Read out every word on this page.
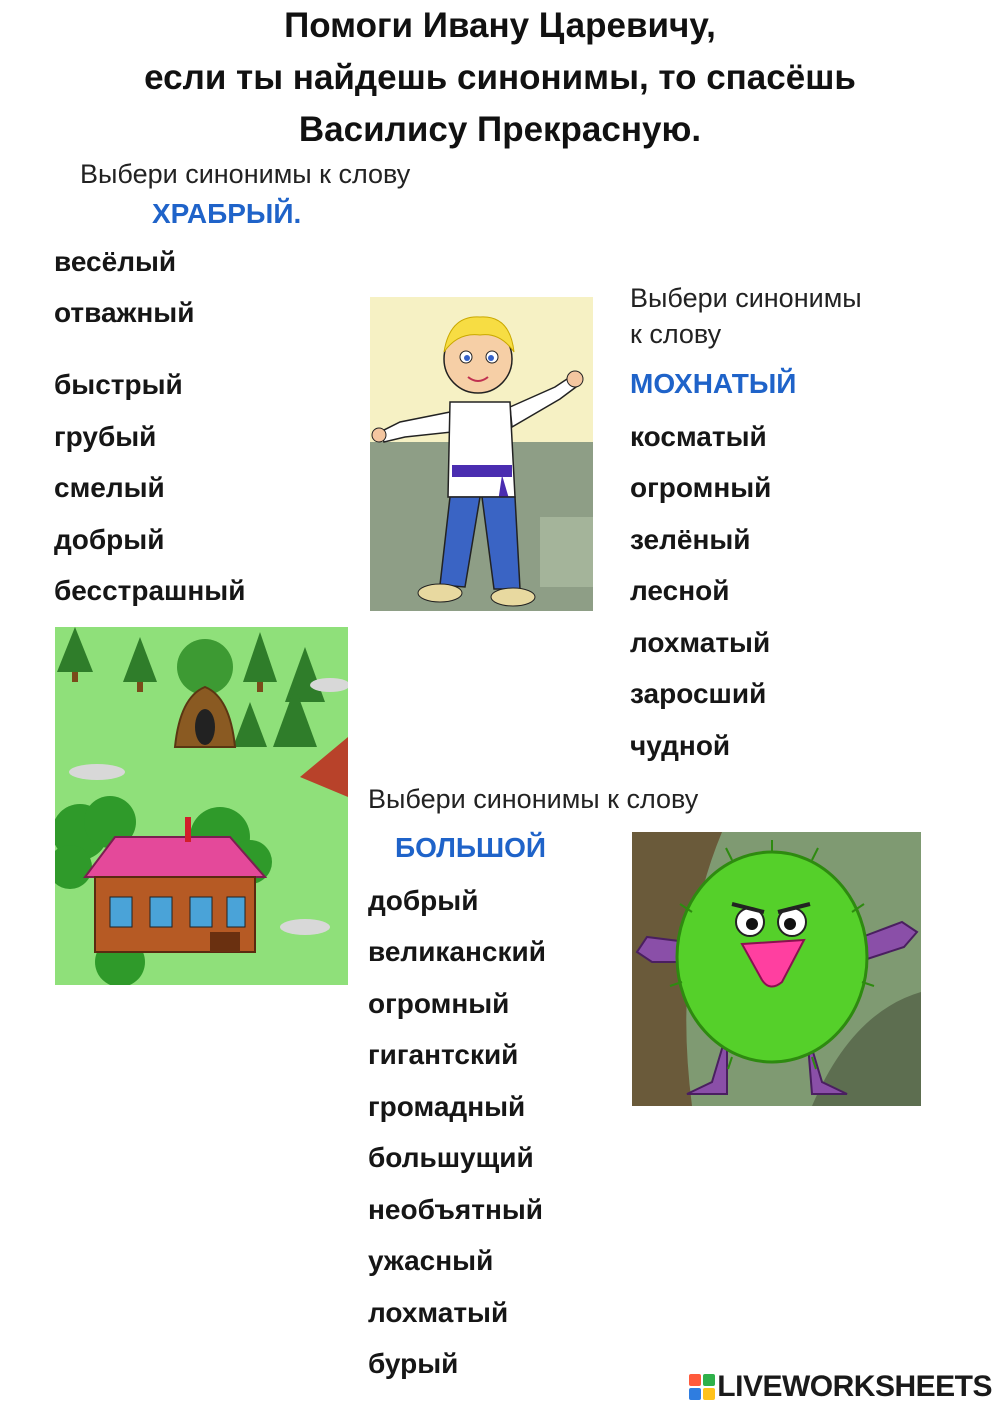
Помоги Ивану Царевичу,
если ты найдешь синонимы, то спасёшь
Василису Прекрасную.
Выбери синонимы к слову
ХРАБРЫЙ.
весёлый
отважный
быстрый
грубый
смелый
добрый
бесстрашный
Выбери синонимы
к слову
МОХНАТЫЙ
косматый
огромный
зелёный
лесной
лохматый
заросший
чудной
Выбери синонимы к слову
БОЛЬШОЙ
добрый
великанский
огромный
гигантский
громадный
большущий
необъятный
ужасный
лохматый
бурый
LIVEWORKSHEETS
